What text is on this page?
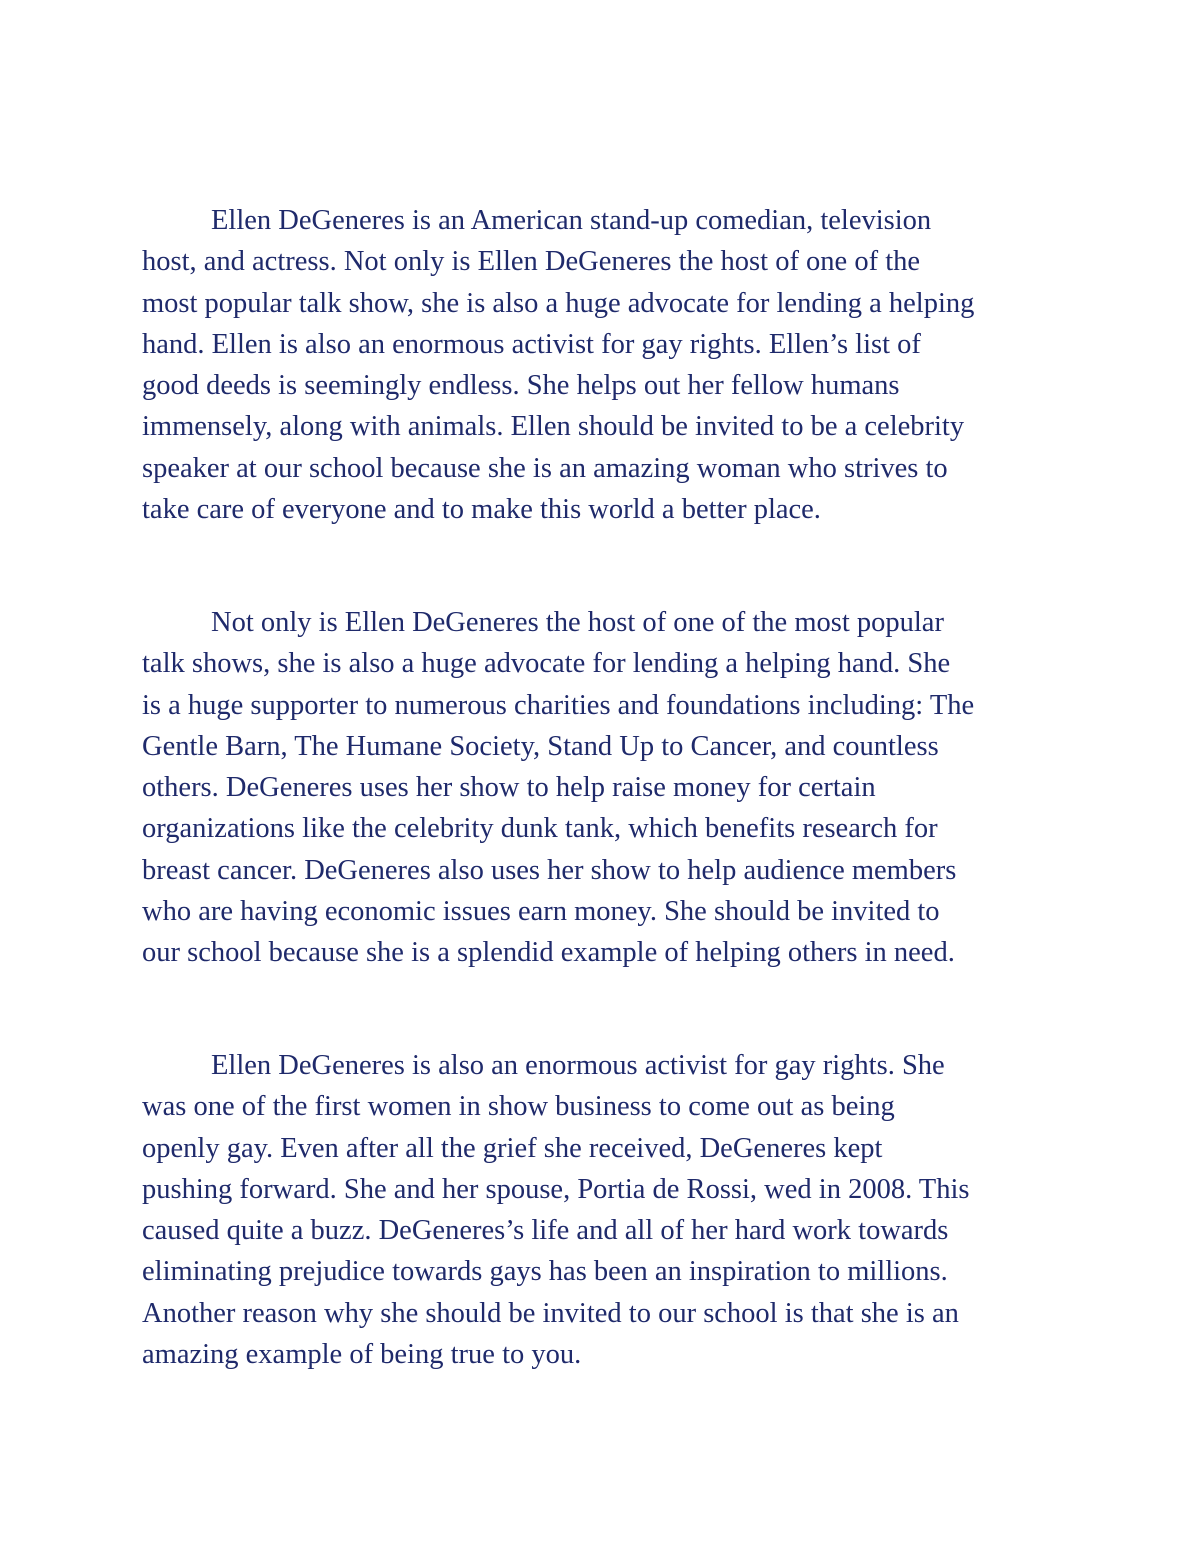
Ellen DeGeneres is an American stand-up comedian, television
host, and actress. Not only is Ellen DeGeneres the host of one of the
most popular talk show, she is also a huge advocate for lending a helping
hand. Ellen is also an enormous activist for gay rights. Ellen’s list of
good deeds is seemingly endless. She helps out her fellow humans
immensely, along with animals. Ellen should be invited to be a celebrity
speaker at our school because she is an amazing woman who strives to
take care of everyone and to make this world a better place.

Not only is Ellen DeGeneres the host of one of the most popular
talk shows, she is also a huge advocate for lending a helping hand. She
is a huge supporter to numerous charities and foundations including: The
Gentle Barn, The Humane Society, Stand Up to Cancer, and countless
others. DeGeneres uses her show to help raise money for certain
organizations like the celebrity dunk tank, which benefits research for
breast cancer. DeGeneres also uses her show to help audience members
who are having economic issues earn money. She should be invited to
our school because she is a splendid example of helping others in need.

Ellen DeGeneres is also an enormous activist for gay rights. She
was one of the first women in show business to come out as being
openly gay. Even after all the grief she received, DeGeneres kept
pushing forward. She and her spouse, Portia de Rossi, wed in 2008. This
caused quite a buzz. DeGeneres’s life and all of her hard work towards
eliminating prejudice towards gays has been an inspiration to millions.
Another reason why she should be invited to our school is that she is an
amazing example of being true to you.
